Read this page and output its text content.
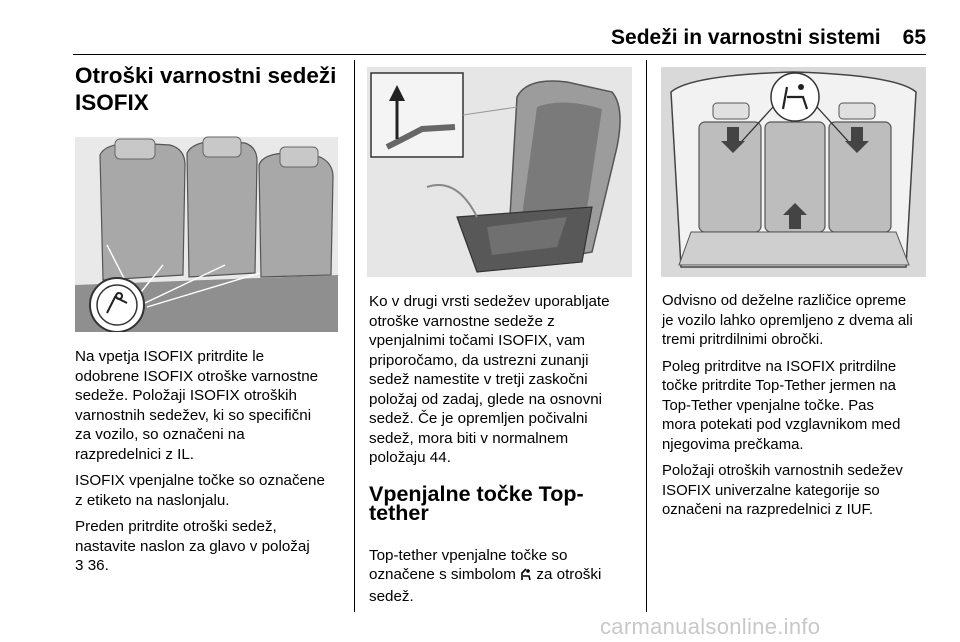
Sedeži in varnostni sistemi 65
Otroški varnostni sedeži
ISOFIX

Na vpetja ISOFIX pritrdite le
odobrene ISOFIX otroške varnostne
sedeže. Položaji ISOFIX otroških
varnostnih sedežev, ki so specifični
za vozilo, so označeni na
razpredelnici z IL.

ISOFIX vpenjalne točke so označene
z etiketo na naslonjalu.

Preden pritrdite otroški sedež,
nastavite naslon za glavo v položaj
3 36.

Ko v drugi vrsti sedežev uporabljate
otroške varnostne sedeže z
vpenjalnimi točami ISOFIX, vam
priporočamo, da ustrezni zunanji
sedež namestite v tretji zaskočni
položaj od zadaj, glede na osnovni
sedež. Če je opremljen počivalni
sedež, mora biti v normalnem
položaju 44.

Vpenjalne točke Top-tether

Top-tether vpenjalne točke so
označene s simbolom za otroški
sedež.

Odvisno od deželne različice opreme
je vozilo lahko opremljeno z dvema ali
tremi pritrdilnimi obročki.

Poleg pritrditve na ISOFIX pritrdilne
točke pritrdite Top-Tether jermen na
Top-Tether vpenjalne točke. Pas
mora potekati pod vzglavnikom med
njegovima prečkama.

Položaji otroških varnostnih sedežev
ISOFIX univerzalne kategorije so
označeni na razpredelnici z IUF.

carmanualsonline.info
